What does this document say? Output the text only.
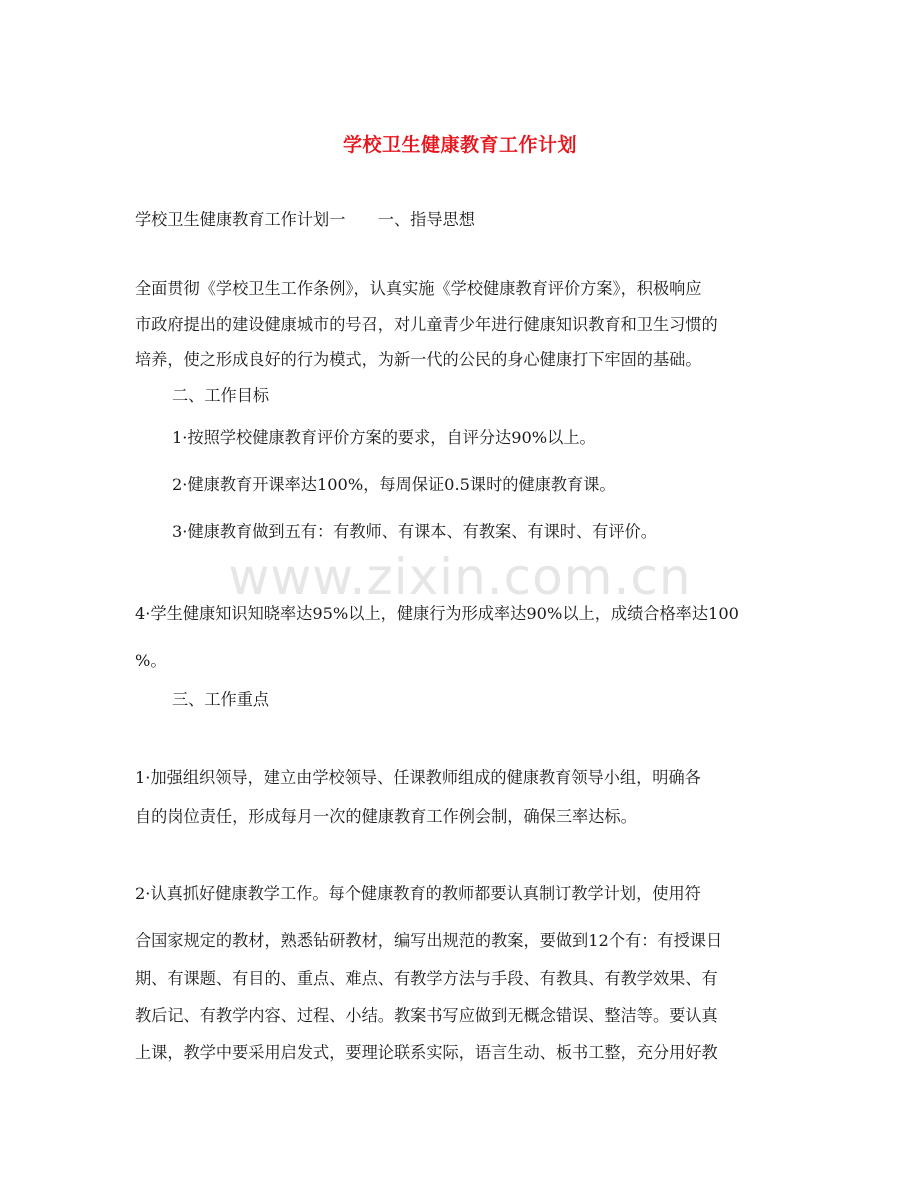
www.zixin.com.cn
学校卫生健康教育工作计划
学校卫生健康教育工作计划一　　一、指导思想
全面贯彻《学校卫生工作条例》，认真实施《学校健康教育评价方案》，积极响应
市政府提出的建设健康城市的号召，对儿童青少年进行健康知识教育和卫生习惯的
培养，使之形成良好的行为模式，为新一代的公民的身心健康打下牢固的基础。
二、工作目标
1·按照学校健康教育评价方案的要求，自评分达90%以上。
2·健康教育开课率达100%，每周保证0.5课时的健康教育课。
3·健康教育做到五有：有教师、有课本、有教案、有课时、有评价。
4·学生健康知识知晓率达95%以上，健康行为形成率达90%以上，成绩合格率达100
%。
三、工作重点
1·加强组织领导，建立由学校领导、任课教师组成的健康教育领导小组，明确各
自的岗位责任，形成每月一次的健康教育工作例会制，确保三率达标。
2·认真抓好健康教学工作。每个健康教育的教师都要认真制订教学计划，使用符
合国家规定的教材，熟悉钻研教材，编写出规范的教案，要做到12个有：有授课日
期、有课题、有目的、重点、难点、有教学方法与手段、有教具、有教学效果、有
教后记、有教学内容、过程、小结。教案书写应做到无概念错误、整洁等。要认真
上课，教学中要采用启发式，要理论联系实际，语言生动、板书工整，充分用好教
